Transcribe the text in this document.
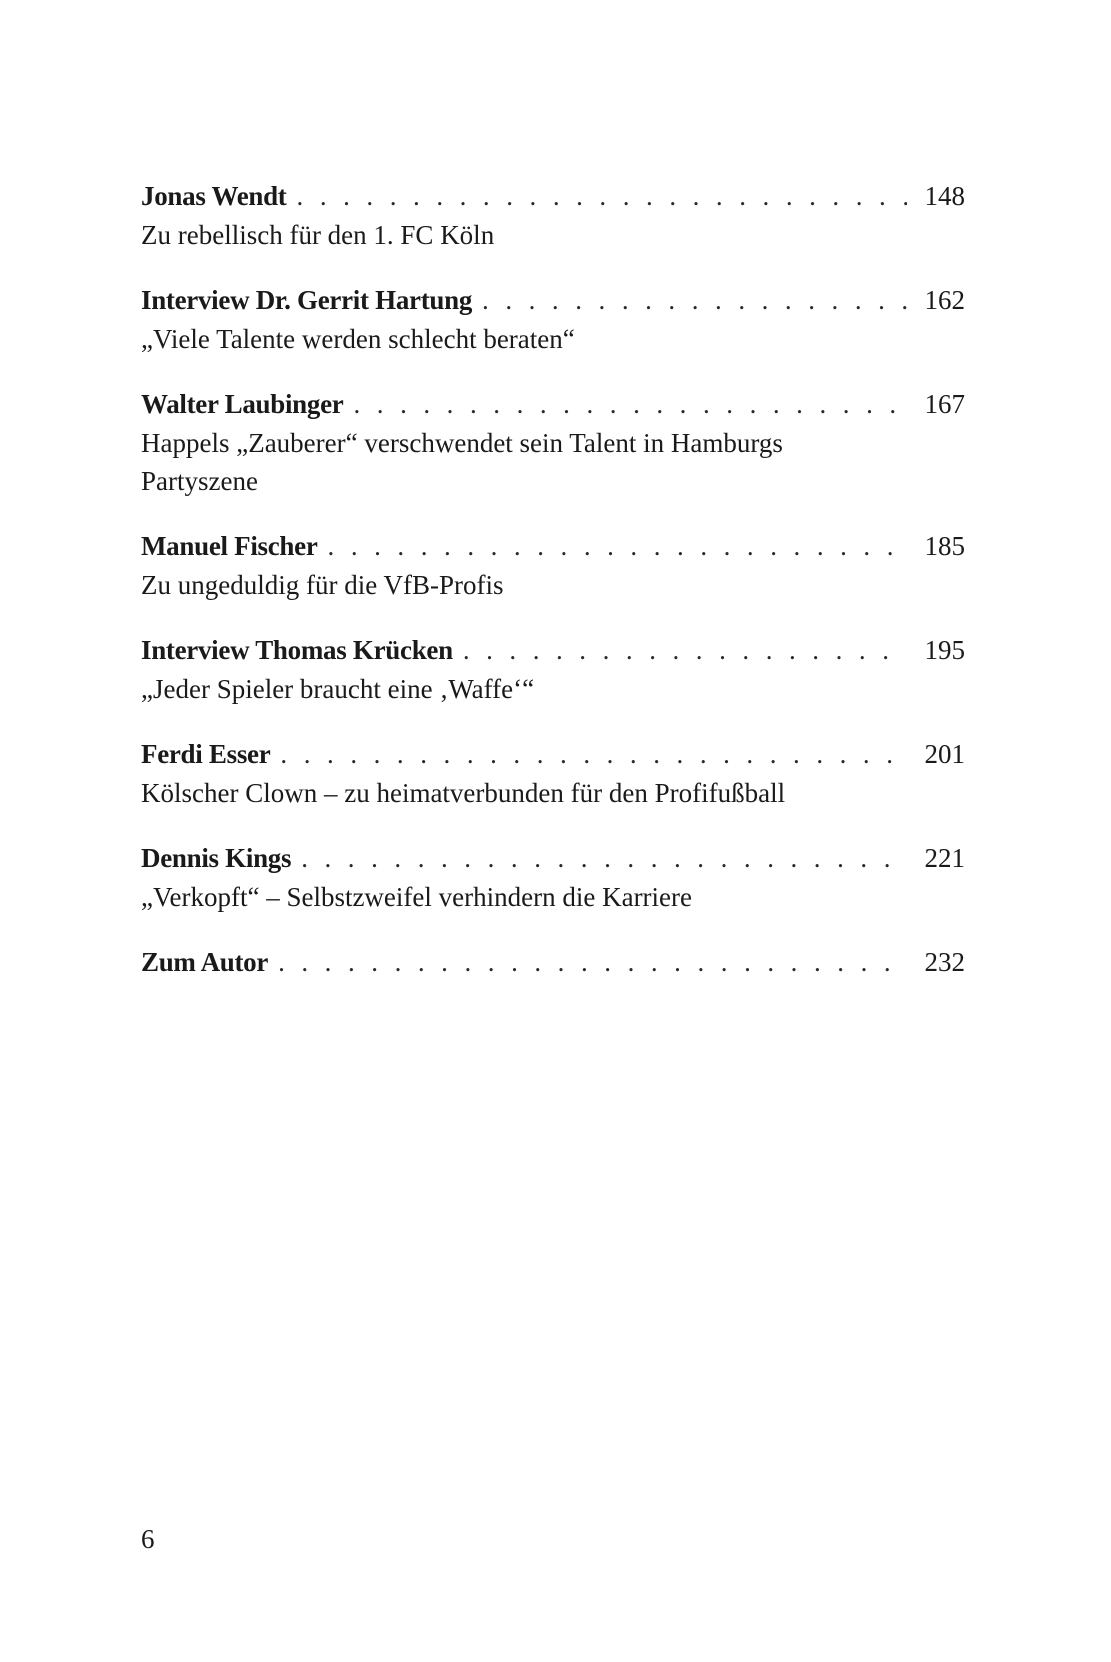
Jonas Wendt . . .	148
Zu rebellisch für den 1. FC Köln
Interview Dr. Gerrit Hartung . . .	162
„Viele Talente werden schlecht beraten“
Walter Laubinger . . .	167
Happels „Zauberer“ verschwendet sein Talent in Hamburgs Partyszene
Manuel Fischer . . .	185
Zu ungeduldig für die VfB-Profis
Interview Thomas Krücken . . .	195
„Jeder Spieler braucht eine ‚Waffe‘“
Ferdi Esser . . .	201
Kölscher Clown – zu heimatverbunden für den Profifußball
Dennis Kings . . .	221
„Verkopft“ – Selbstzweifel verhindern die Karriere
Zum Autor . . .	232
6
